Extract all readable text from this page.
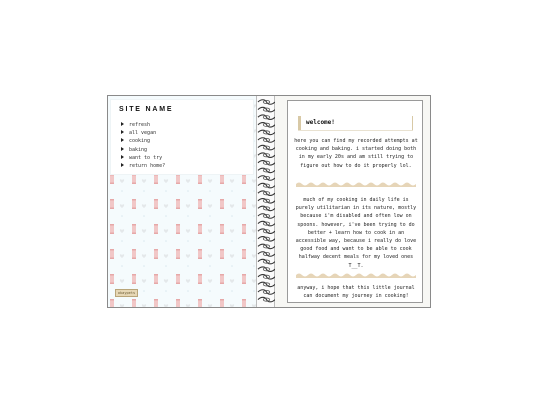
SITE NAME
refresh
all vegan
cooking
baking
want to try
return home?
okaypets
welcome!

here you can find my recorded attempts at cooking and baking. i started doing both in my early 20s and am still trying to figure out how to do it properly lol.

much of my cooking in daily life is purely utilitarian in its nature, mostly because i'm disabled and often low on spoons. however, i've been trying to do better + learn how to cook in an accessible way, because i really do love good food and want to be able to cook halfway decent meals for my loved ones T__T.

anyway, i hope that this little journal can document my journey in cooking!
